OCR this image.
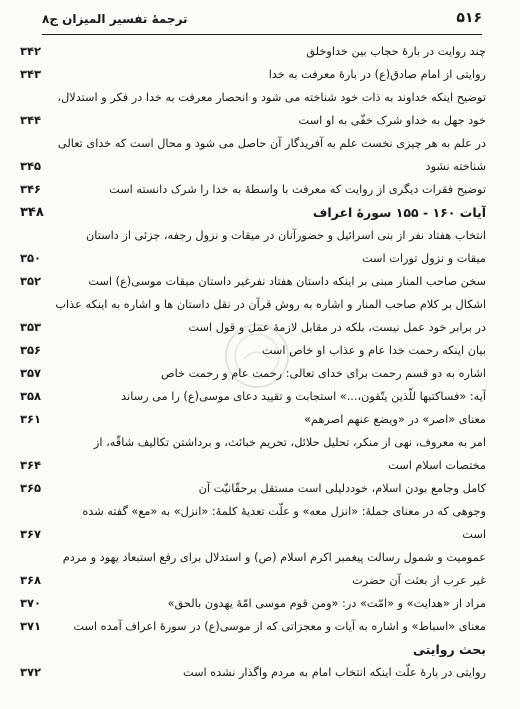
۵۱۶
ترجمهٔ تفسیر المیزان ج۸
چند روایت در بارهٔ حجاب بین خداوخلق
۳۴۲
روایتی از امام صادق(ع) در بارهٔ معرفت به خدا
۳۴۳
توضیح اینکه خداوند به ذات خود شناخته می شود و انحصار معرفت به خدا در فکر و استدلال،
خود جهل به خداو شرک خفّی به او است
۳۴۴
در علم به هر چیزی نخست علم به آفریدگار آن حاصل می شود و محال است که خدای تعالی
شناخته نشود
۳۴۵
توضیح فقرات دیگری از روایت که معرفت با واسطهٔ به خدا را شرک دانسته است
۳۴۶
آیات ۱۶۰ - ۱۵۵ سورهٔ اعراف
۳۴۸
انتخاب هفتاد نفر از بنی اسرائیل و حضورآنان در میقات و نزول رجفه، جزئی از داستان
میقات و نزول تورات است
۳۵۰
سخن صاحب المنار مبنی بر اینکه داستان هفتاد نفرغیر داستان میقات موسی(ع) است
۳۵۲
اشکال بر کلام صاحب المنار و اشاره به روش قرآن در نقل داستان ها و اشاره به اینکه عذاب
در برابر خود عمل نیست، بلکه در مقابل لازمهٔ عمل و قول است
۳۵۳
بیان اینکه رحمت خدا عام و عذاب او خاص است
۳۵۶
اشاره به دو قسم رحمت برای خدای تعالی: رحمت عام و رحمت خاص
۳۵۷
آیه: «فساکتبها للّذین یتّقون،...» استجابت و تقیید دعای موسی(ع) را می رساند
۳۵۸
معنای «اصر» در «ویضع عنهم اصرهم»
۳۶۱
امر به معروف، نهی از منکر، تحلیل حلائل، تحریم خبائث، و برداشتن تکالیف شاقّه، از
مختصات اسلام است
۳۶۴
کامل وجامع بودن اسلام، خوددلیلی است مستقل برحقّانیّت آن
۳۶۵
وجوهی که در معنای جملهٔ: «انزل معه» و علّت تعدیهٔ کلمهٔ: «انزل» به «مع» گفته شده
است
۳۶۷
عمومیت و شمول رسالت پیغمبر اکرم اسلام (ص) و استدلال برای رفع استبعاد یهود و مردم
غیر عرب از بعثت آن حضرت
۳۶۸
مراد از «هدایت» و «امّت» در: «ومن قوم موسی امّهٔ یهدون بالحق»
۳۷۰
معنای «اسباط» و اشاره به آیات و معجزاتی که از موسی(ع) در سورهٔ اعراف آمده است
۳۷۱
بحث روایتی
روایتی در بارهٔ علّت اینکه انتخاب امام به مردم واگذار نشده است
۳۷۲
